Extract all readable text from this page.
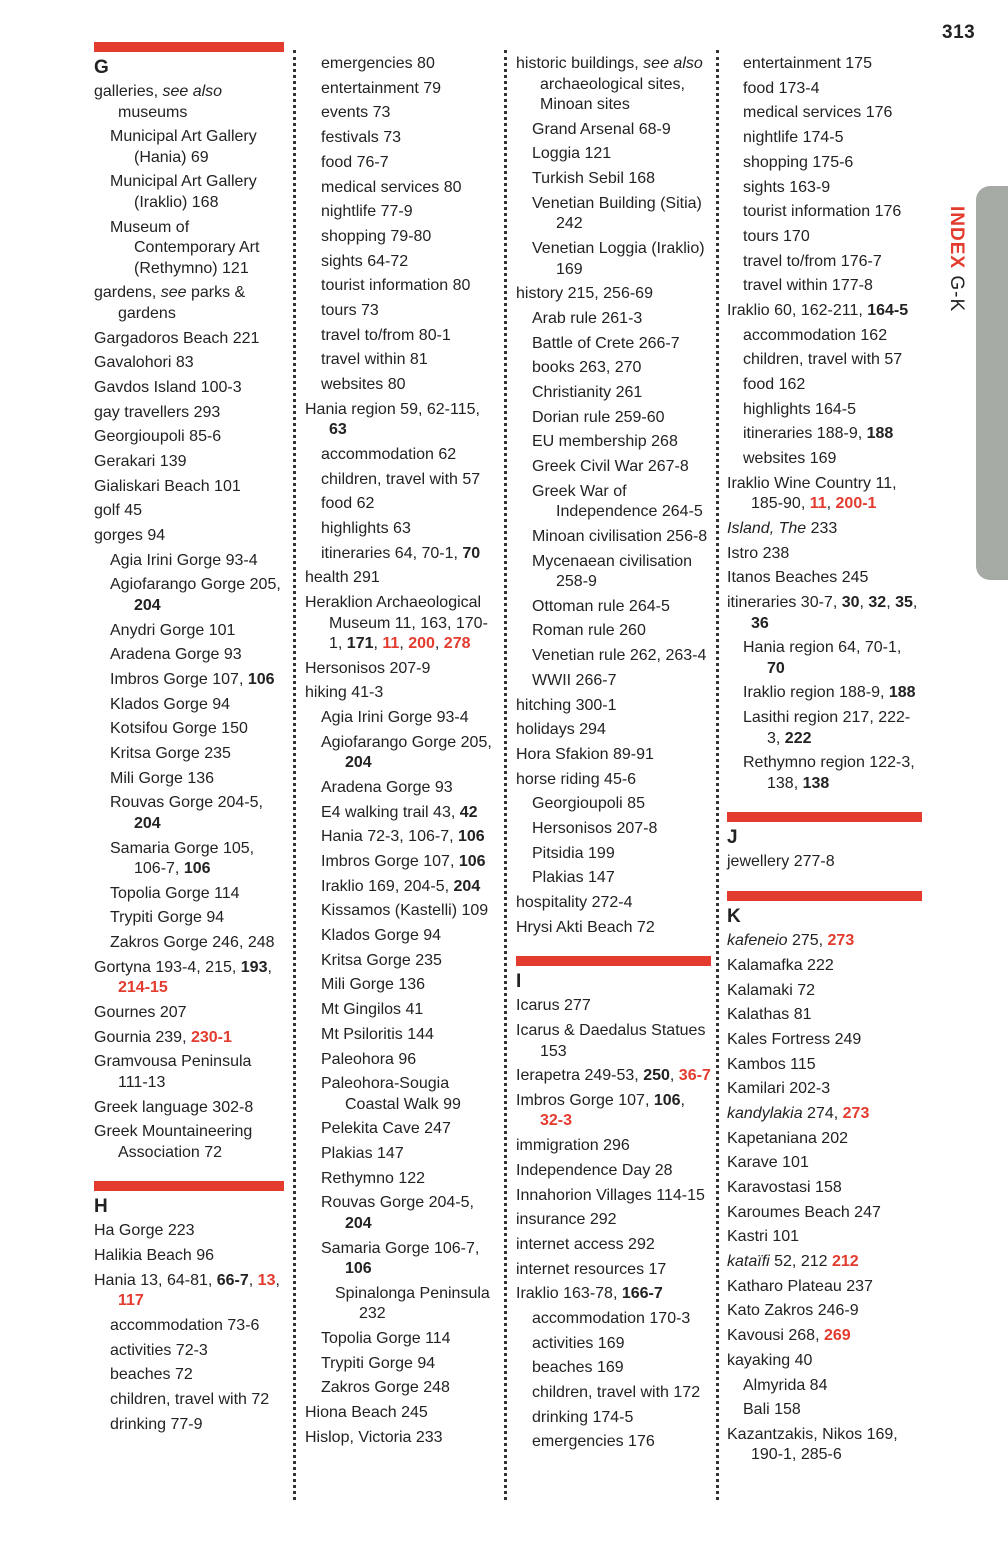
313
INDEX G-K
G
galleries, see also museums
Municipal Art Gallery (Hania) 69
Municipal Art Gallery (Iraklio) 168
Museum of Contemporary Art (Rethymno) 121
gardens, see parks & gardens
Gargadoros Beach 221
Gavalohori 83
Gavdos Island 100-3
gay travellers 293
Georgioupoli 85-6
Gerakari 139
Gialiskari Beach 101
golf 45
gorges 94
Agia Irini Gorge 93-4
Agiofarango Gorge 205, 204
Anydri Gorge 101
Aradena Gorge 93
Imbros Gorge 107, 106
Klados Gorge 94
Kotsifou Gorge 150
Kritsa Gorge 235
Mili Gorge 136
Rouvas Gorge 204-5, 204
Samaria Gorge 105, 106-7, 106
Topolia Gorge 114
Trypiti Gorge 94
Zakros Gorge 246, 248
Gortyna 193-4, 215, 193, 214-15
Gournes 207
Gournia 239, 230-1
Gramvousa Peninsula 111-13
Greek language 302-8
Greek Mountaineering Association 72
H
Ha Gorge 223
Halikia Beach 96
Hania 13, 64-81, 66-7, 13, 117
accommodation 73-6
activities 72-3
beaches 72
children, travel with 72
drinking 77-9
emergencies 80
entertainment 79
events 73
festivals 73
food 76-7
medical services 80
nightlife 77-9
shopping 79-80
sights 64-72
tourist information 80
tours 73
travel to/from 80-1
travel within 81
websites 80
Hania region 59, 62-115, 63
accommodation 62
children, travel with 57
food 62
highlights 63
itineraries 64, 70-1, 70
health 291
Heraklion Archaeological Museum 11, 163, 170-1, 171, 11, 200, 278
Hersonisos 207-9
hiking 41-3
Agia Irini Gorge 93-4
Agiofarango Gorge 205, 204
Aradena Gorge 93
E4 walking trail 43, 42
Hania 72-3, 106-7, 106
Imbros Gorge 107, 106
Iraklio 169, 204-5, 204
Kissamos (Kastelli) 109
Klados Gorge 94
Kritsa Gorge 235
Mili Gorge 136
Mt Gingilos 41
Mt Psiloritis 144
Paleohora 96
Paleohora-Sougia Coastal Walk 99
Pelekita Cave 247
Plakias 147
Rethymno 122
Rouvas Gorge 204-5, 204
Samaria Gorge 106-7, 106
Spinalonga Peninsula 232
Topolia Gorge 114
Trypiti Gorge 94
Zakros Gorge 248
Hiona Beach 245
Hislop, Victoria 233
historic buildings, see also archaeological sites, Minoan sites
Grand Arsenal 68-9
Loggia 121
Turkish Sebil 168
Venetian Building (Sitia) 242
Venetian Loggia (Iraklio) 169
history 215, 256-69
Arab rule 261-3
Battle of Crete 266-7
books 263, 270
Christianity 261
Dorian rule 259-60
EU membership 268
Greek Civil War 267-8
Greek War of Independence 264-5
Minoan civilisation 256-8
Mycenaean civilisation 258-9
Ottoman rule 264-5
Roman rule 260
Venetian rule 262, 263-4
WWII 266-7
hitching 300-1
holidays 294
Hora Sfakion 89-91
horse riding 45-6
Georgioupoli 85
Hersonisos 207-8
Pitsidia 199
Plakias 147
hospitality 272-4
Hrysi Akti Beach 72
I
Icarus 277
Icarus & Daedalus Statues 153
Ierapetra 249-53, 250, 36-7
Imbros Gorge 107, 106, 32-3
immigration 296
Independence Day 28
Innahorion Villages 114-15
insurance 292
internet access 292
internet resources 17
Iraklio 163-78, 166-7
accommodation 170-3
activities 169
beaches 169
children, travel with 172
drinking 174-5
emergencies 176
entertainment 175
food 173-4
medical services 176
nightlife 174-5
shopping 175-6
sights 163-9
tourist information 176
tours 170
travel to/from 176-7
travel within 177-8
Iraklio 60, 162-211, 164-5
accommodation 162
children, travel with 57
food 162
highlights 164-5
itineraries 188-9, 188
websites 169
Iraklio Wine Country 11, 185-90, 11, 200-1
Island, The 233
Istro 238
Itanos Beaches 245
itineraries 30-7, 30, 32, 35, 36
Hania region 64, 70-1, 70
Iraklio region 188-9, 188
Lasithi region 217, 222-3, 222
Rethymno region 122-3, 138, 138
J
jewellery 277-8
K
kafeneio 275, 273
Kalamafka 222
Kalamaki 72
Kalathas 81
Kales Fortress 249
Kambos 115
Kamilari 202-3
kandylakia 274, 273
Kapetaniana 202
Karave 101
Karavostasi 158
Karoumes Beach 247
Kastri 101
kataïfi 52, 212 212
Katharo Plateau 237
Kato Zakros 246-9
Kavousi 268, 269
kayaking 40
Almyrida 84
Bali 158
Kazantzakis, Nikos 169, 190-1, 285-6
